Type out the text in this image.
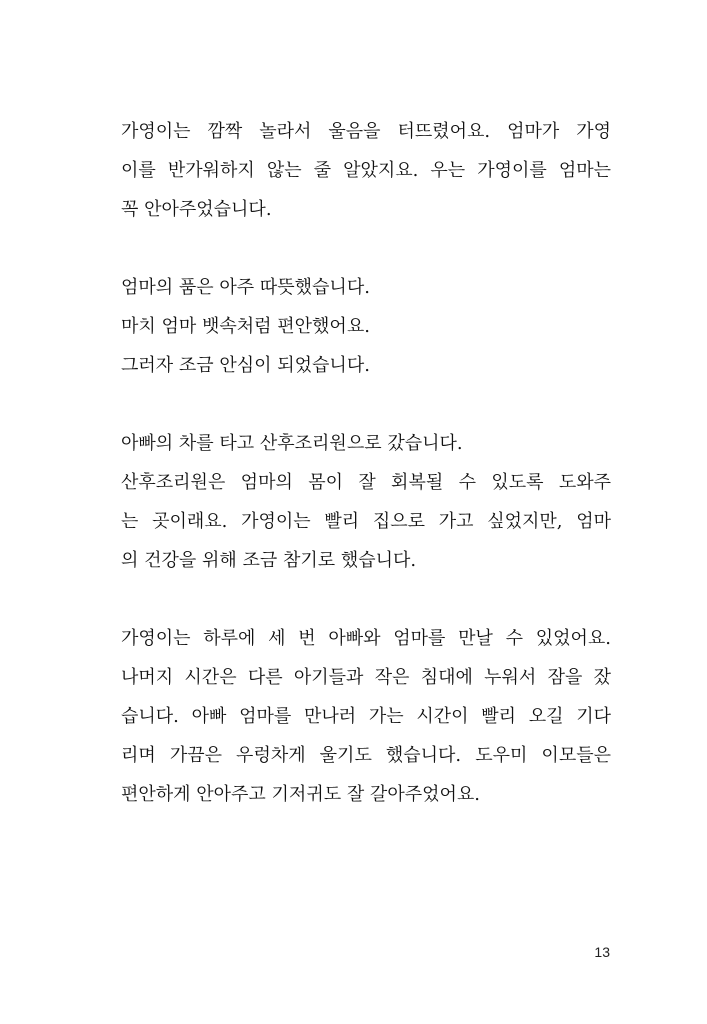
가영이는 깜짝 놀라서 울음을 터뜨렸어요. 엄마가 가영
이를 반가워하지 않는 줄 알았지요. 우는 가영이를 엄마는
꼭 안아주었습니다.
엄마의 품은 아주 따뜻했습니다.
마치 엄마 뱃속처럼 편안했어요.
그러자 조금 안심이 되었습니다.
아빠의 차를 타고 산후조리원으로 갔습니다.
산후조리원은 엄마의 몸이 잘 회복될 수 있도록 도와주
는 곳이래요. 가영이는 빨리 집으로 가고 싶었지만, 엄마
의 건강을 위해 조금 참기로 했습니다.
가영이는 하루에 세 번 아빠와 엄마를 만날 수 있었어요.
나머지 시간은 다른 아기들과 작은 침대에 누워서 잠을 잤
습니다. 아빠 엄마를 만나러 가는 시간이 빨리 오길 기다
리며 가끔은 우렁차게 울기도 했습니다. 도우미 이모들은
편안하게 안아주고 기저귀도 잘 갈아주었어요.
13
